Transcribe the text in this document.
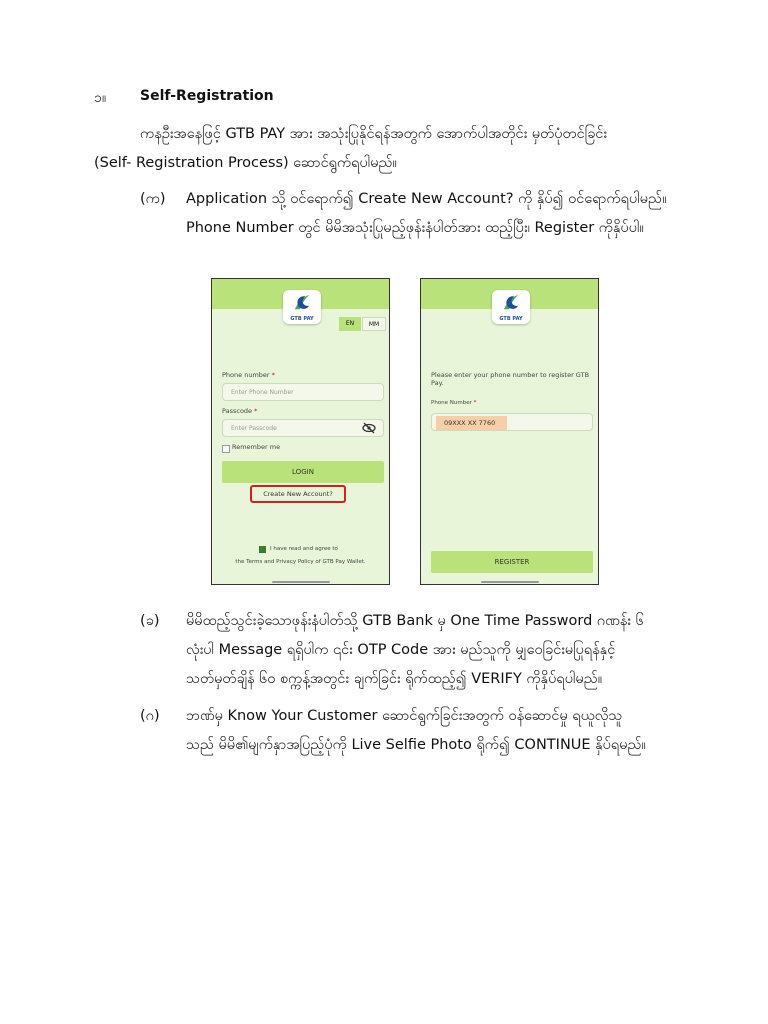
၁။ Self-Registration
ကနဦးအနေဖြင့် GTB PAY အား အသုံးပြုနိုင်ရန်အတွက် အောက်ပါအတိုင်း မှတ်ပုံတင်ခြင်း
(Self- Registration Process) ဆောင်ရွက်ရပါမည်။
(က) Application သို့ ဝင်ရောက်၍ Create New Account? ကို နှိပ်၍ ဝင်ရောက်ရပါမည်။
Phone Number တွင် မိမိအသုံးပြုမည့်ဖုန်းနံပါတ်အား ထည့်ပြီး၊ Register ကိုနှိပ်ပါ။
GTB PAY
EN	MM
Phone number *
Enter Phone Number
Passcode *
Enter Passcode
Remember me
LOGIN
Create New Account?
I have read and agree to
the Terms and Privacy Policy of GTB Pay Wallet.
GTB PAY
Please enter your phone number to register GTB Pay.
Phone Number *
09XXX XX 7760
REGISTER
(ခ) မိမိထည့်သွင်းခဲ့သောဖုန်းနံပါတ်သို့ GTB Bank မှ One Time Password ဂဏန်း ၆
လုံးပါ Message ရရှိပါက ၎င်း OTP Code အား မည်သူကို မျှဝေခြင်းမပြုရန်နှင့်
သတ်မှတ်ချိန် ၆၀ စက္ကန့်အတွင်း ချက်ခြင်း ရိုက်ထည့်၍ VERIFY ကိုနှိပ်ရပါမည်။
(ဂ) ဘဏ်မှ Know Your Customer ဆောင်ရွက်ခြင်းအတွက် ဝန်ဆောင်မှု ရယူလိုသူ
သည် မိမိ၏မျက်နှာအပြည့်ပုံကို Live Selfie Photo ရိုက်၍ CONTINUE နှိပ်ရမည်။
